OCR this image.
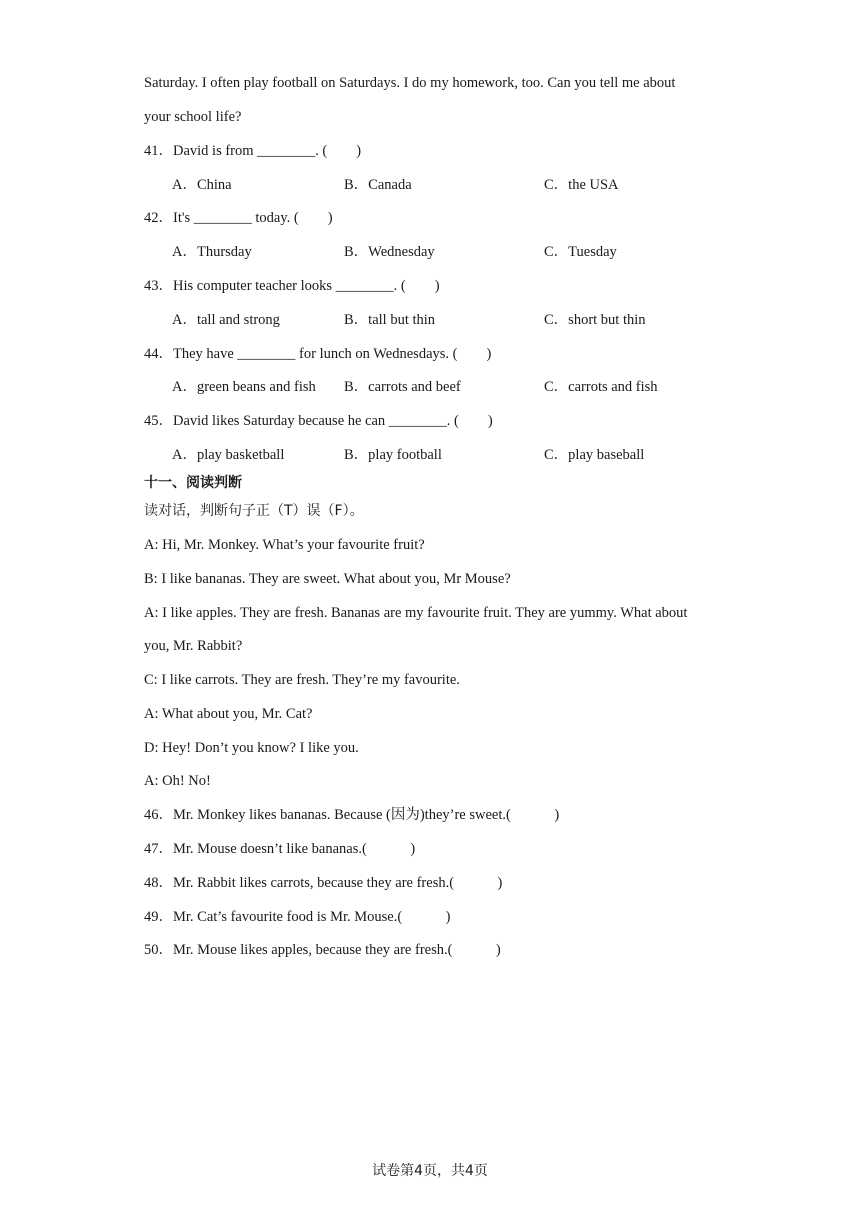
Saturday. I often play football on Saturdays. I do my homework, too. Can you tell me about
your school life?
41．David is from ________. (　　)
A．China	B．Canada	C．the USA
42．It's ________ today. (　　)
A．Thursday	B．Wednesday	C．Tuesday
43．His computer teacher looks ________. (　　)
A．tall and strong	B．tall but thin	C．short but thin
44．They have ________ for lunch on Wednesdays. (　　)
A．green beans and fish B．carrots and beef	C．carrots and fish
45．David likes Saturday because he can ________. (　　)
A．play basketball	B．play football	C．play baseball
十一、阅读判断
读对话，判断句子正（T）误（F）。
A: Hi, Mr. Monkey. What’s your favourite fruit?
B: I like bananas. They are sweet. What about you, Mr Mouse?
A: I like apples. They are fresh. Bananas are my favourite fruit. They are yummy. What about
you, Mr. Rabbit?
C: I like carrots. They are fresh. They’re my favourite.
A: What about you, Mr. Cat?
D: Hey! Don’t you know? I like you.
A: Oh! No!
46．Mr. Monkey likes bananas. Because (因为)they’re sweet.(　　　)
47．Mr. Mouse doesn’t like bananas.(　　　)
48．Mr. Rabbit likes carrots, because they are fresh.(　　　)
49．Mr. Cat’s favourite food is Mr. Mouse.(　　　)
50．Mr. Mouse likes apples, because they are fresh.(　　　)
试卷第4页，共4页
